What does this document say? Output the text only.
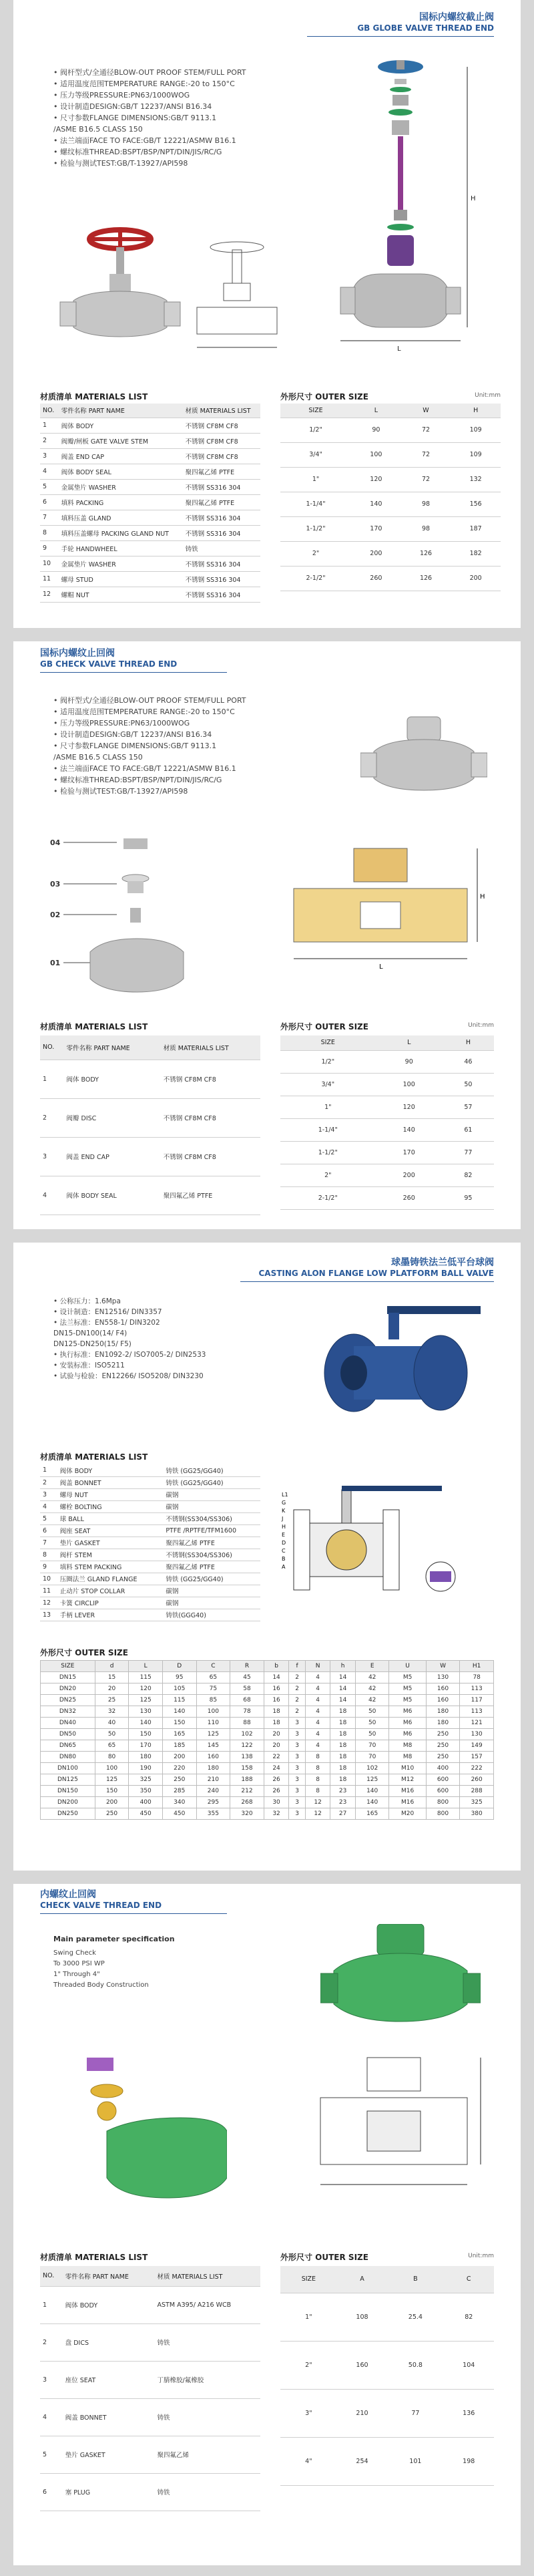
国标内螺纹截止阀
GB GLOBE VALVE THREAD END
• 阀杆型式/全通径BLOW-OUT PROOF STEM/FULL PORT
• 适用温度范围TEMPERATURE RANGE:-20 to 150°C
• 压力等级PRESSURE:PN63/1000WOG
• 设计制造DESIGN:GB/T 12237/ANSI B16.34
• 尺寸参数FLANGE DIMENSIONS:GB/T 9113.1
/ASME B16.5 CLASS 150
• 法兰端面FACE TO FACE:GB/T 12221/ASMW B16.1
• 螺纹标准THREAD:BSPT/BSP/NPT/DIN/JIS/RC/G
• 检验与测试TEST:GB/T-13927/API598
L
H
材质清单 MATERIALS LIST
NO.	零件名称 PART NAME	材质 MATERIALS LIST
1	阀体 BODY	不锈钢 CF8M CF8
2	阀瓣/闸板 GATE VALVE STEM	不锈钢 CF8M CF8
3	阀盖 END CAP	不锈钢 CF8M CF8
4	阀体 BODY SEAL	聚四氟乙烯 PTFE
5	金属垫片 WASHER	不锈钢 SS316 304
6	填料 PACKING	聚四氟乙烯 PTFE
7	填料压盖 GLAND	不锈钢 SS316 304
8	填料压盖螺母 PACKING GLAND NUT	不锈钢 SS316 304
9	手轮 HANDWHEEL	铸铁
10	金属垫片 WASHER	不锈钢 SS316 304
11	螺母 STUD	不锈钢 SS316 304
12	螺帽 NUT	不锈钢 SS316 304
外形尺寸 OUTER SIZE	Unit:mm
SIZE	L	W	H
1/2"	90	72	109
3/4"	100	72	109
1"	120	72	132
1-1/4"	140	98	156
1-1/2"	170	98	187
2"	200	126	182
2-1/2"	260	126	200
国标内螺纹止回阀
GB CHECK VALVE THREAD END
• 阀杆型式/全通径BLOW-OUT PROOF STEM/FULL PORT
• 适用温度范围TEMPERATURE RANGE:-20 to 150°C
• 压力等级PRESSURE:PN63/1000WOG
• 设计制造DESIGN:GB/T 12237/ANSI B16.34
• 尺寸参数FLANGE DIMENSIONS:GB/T 9113.1
/ASME B16.5 CLASS 150
• 法兰端面FACE TO FACE:GB/T 12221/ASMW B16.1
• 螺纹标准THREAD:BSPT/BSP/NPT/DIN/JIS/RC/G
• 检验与测试TEST:GB/T-13927/API598
04
03
02
01	L
H
材质清单 MATERIALS LIST
NO.	零件名称 PART NAME	材质 MATERIALS LIST
1	阀体 BODY	不锈钢 CF8M CF8
2	阀瓣 DISC	不锈钢 CF8M CF8
3	阀盖 END CAP	不锈钢 CF8M CF8
4	阀体 BODY SEAL	聚四氟乙烯 PTFE
外形尺寸 OUTER SIZE	Unit:mm
SIZE	L	H
1/2"	90	46
3/4"	100	50
1"	120	57
1-1/4"	140	61
1-1/2"	170	77
2"	200	82
2-1/2"	260	95
球墨铸铁法兰低平台球阀
CASTING ALON FLANGE LOW PLATFORM BALL VALVE
• 公称压力：1.6Mpa
• 设计制造：EN12516/ DIN3357
• 法兰标准：EN558-1/ DIN3202
DN15-DN100(14/ F4)
DN125-DN250(15/ F5)
• 执行标准：EN1092-2/ ISO7005-2/ DIN2533
• 安装标准：ISO5211
• 试验与检验：EN12266/ ISO5208/ DIN3230
材质清单 MATERIALS LIST
1	阀体 BODY	铸铁 (GG25/GG40)
2	阀盖 BONNET	铸铁 (GG25/GG40)
3	螺母 NUT	碳钢
4	螺栓 BOLTING	碳钢
5	球 BALL	不锈钢(SS304/SS306)
6	阀座 SEAT	PTFE /RPTFE/TFM1600
7	垫片 GASKET	聚四氟乙烯 PTFE
8	阀杆 STEM	不锈钢(SS304/SS306)
9	填料 STEM PACKING	聚四氟乙烯 PTFE
10	压圈法兰 GLAND FLANGE	铸铁 (GG25/GG40)
11	止动片 STOP COLLAR	碳钢
12	卡簧 CIRCLIP	碳钢
13	手柄 LEVER	铸铁(GGG40)
L1
G
K
J
H
E
D
C
B
A
外形尺寸 OUTER SIZE
SIZE	d	L	D	C	R	b	f	N	h	E	U	W	H1
DN15	15	115	95	65	45	14	2	4	14	42	M5	130	78
DN20	20	120	105	75	58	16	2	4	14	42	M5	160	113
DN25	25	125	115	85	68	16	2	4	14	42	M5	160	117
DN32	32	130	140	100	78	18	2	4	18	50	M6	180	113
DN40	40	140	150	110	88	18	3	4	18	50	M6	180	121
DN50	50	150	165	125	102	20	3	4	18	50	M6	250	130
DN65	65	170	185	145	122	20	3	4	18	70	M8	250	149
DN80	80	180	200	160	138	22	3	8	18	70	M8	250	157
DN100	100	190	220	180	158	24	3	8	18	102	M10	400	222
DN125	125	325	250	210	188	26	3	8	18	125	M12	600	260
DN150	150	350	285	240	212	26	3	8	23	140	M16	600	288
DN200	200	400	340	295	268	30	3	12	23	140	M16	800	325
DN250	250	450	450	355	320	32	3	12	27	165	M20	800	380
内螺纹止回阀
CHECK VALVE THREAD END
Main parameter specification
Swing Check
To 3000 PSI WP
1" Through 4"
Threaded Body Construction
材质清单 MATERIALS LIST
NO.	零件名称 PART NAME	材质 MATERIALS LIST
1	阀体 BODY	ASTM A395/ A216 WCB
2	盘 DICS	铸铁
3	座位 SEAT	丁腈橡胶/氟橡胶
4	阀盖 BONNET	铸铁
5	垫片 GASKET	聚四氟乙烯
6	塞 PLUG	铸铁
外形尺寸 OUTER SIZE	Unit:mm
SIZE	A	B	C
1"	108	25.4	82
2"	160	50.8	104
3"	210	77	136
4"	254	101	198
